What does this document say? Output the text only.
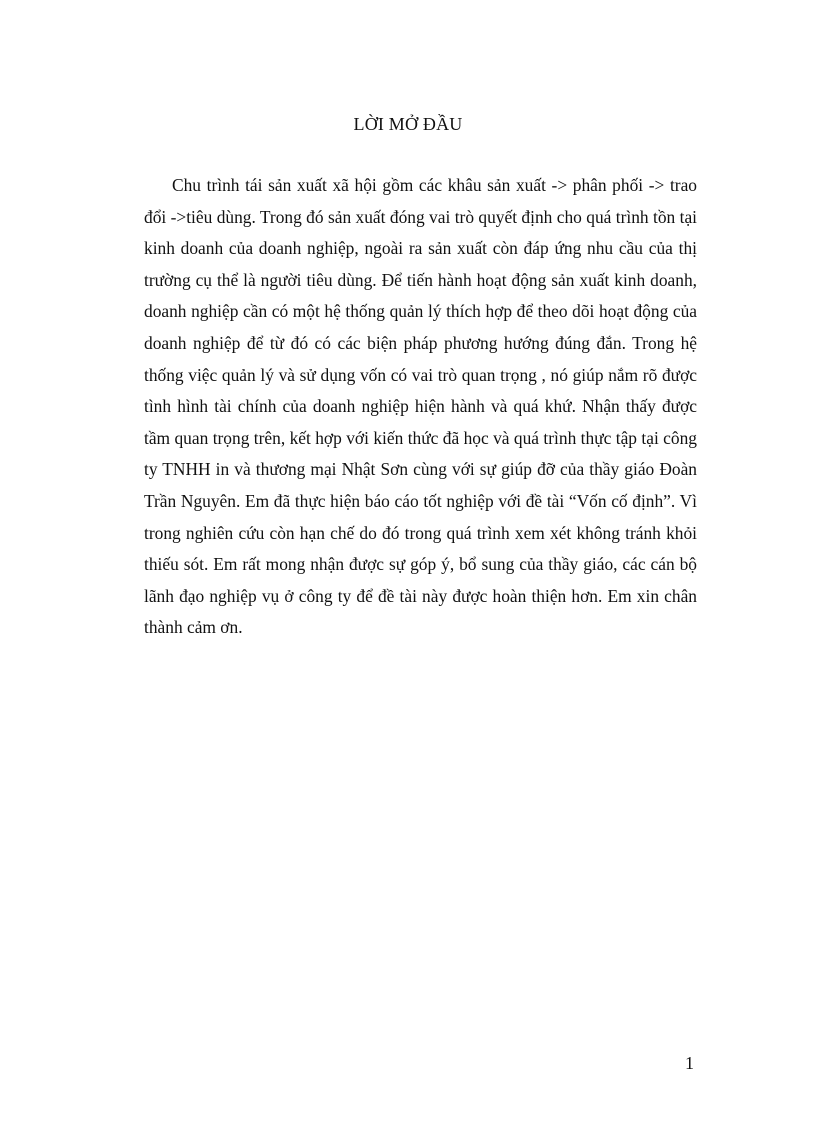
LỜI MỞ ĐẦU

Chu trình tái sản xuất xã hội gồm các khâu sản xuất -> phân phối -> trao đổi ->tiêu dùng. Trong đó sản xuất đóng vai trò quyết định cho quá trình tồn tại kinh doanh của doanh nghiệp, ngoài ra sản xuất còn đáp ứng nhu cầu của thị trường cụ thể là người tiêu dùng. Để tiến hành hoạt động sản xuất kinh doanh, doanh nghiệp cần có một hệ thống quản lý thích hợp để theo dõi hoạt động của doanh nghiệp để từ đó có các biện pháp phương hướng đúng đắn. Trong hệ thống việc quản lý và sử dụng vốn có vai trò quan trọng , nó giúp nắm rõ được tình hình tài chính của doanh nghiệp hiện hành và quá khứ. Nhận thấy được tầm quan trọng trên, kết hợp với kiến thức đã học và quá trình thực tập tại công ty TNHH in và thương mại Nhật Sơn cùng với sự giúp đỡ của thầy giáo Đoàn Trần Nguyên. Em đã thực hiện báo cáo tốt nghiệp với đề tài “Vốn cố định”. Vì trong nghiên cứu còn hạn chế do đó trong quá trình xem xét không tránh khỏi thiếu sót. Em rất mong nhận được sự góp ý, bổ sung của thầy giáo, các cán bộ lãnh đạo nghiệp vụ ở công ty để đề tài này được hoàn thiện hơn. Em xin chân thành cảm ơn.

1
